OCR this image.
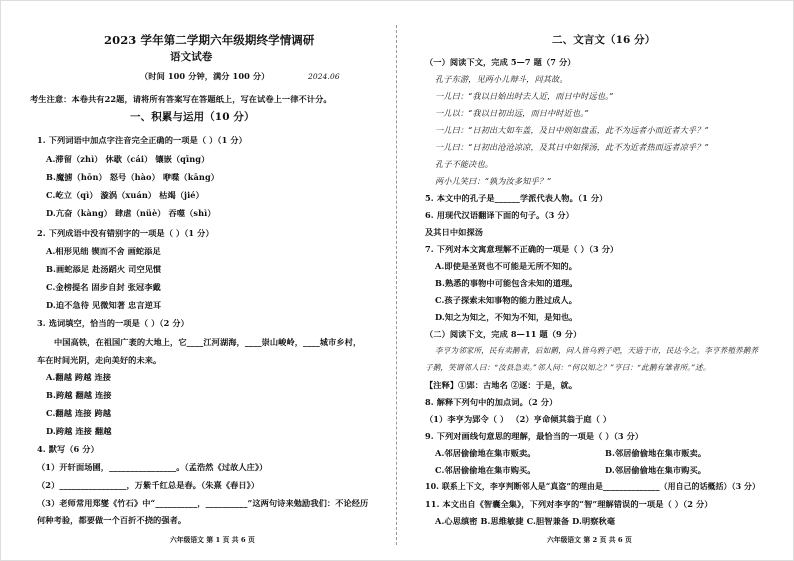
2023 学年第二学期六年级期终学情调研
语文试卷
（时间 100 分钟，满分 100 分）	2024.06
考生注意：本卷共有22题，请将所有答案写在答题纸上，写在试卷上一律不计分。
一、积累与运用（10 分）
1. 下列词语中加点字注音完全正确的一项是（ ）（1 分）
A.滞留（zhì） 休歇（cái） 镶嵌（qīng）
B.魔掳（hōn） 怒号（hào） 咿喋（kāng）
C.屹立（qì） 漩涡（xuán） 枯竭（jié）
D.亢奋（kàng） 肆虐（nüè） 吞噬（shì）
2. 下列成语中没有错别字的一项是（ ）（1 分）
A.相形见绌 锲而不舍 画蛇添足
B.画蛇添足 赴汤蹈火 司空见惯
C.金榜提名 固步自封 张冠李戴
D.迫不急待 见微知著 忠言逆耳
3. 选词填空，恰当的一项是（ ）（2 分）
中国高铁，在祖国广袤的大地上，它____江河湖海，____崇山峻岭，____城市乡村，
车在时间光阴，走向美好的未来。
A.翻越 跨越 连接
B.跨越 翻越 连接
C.翻越 连接 跨越
D.跨越 连接 翻越
4. 默写（6 分）
（1）开轩面场圃，________________。（孟浩然《过故人庄》）
（2）________________，万紫千红总是春。（朱熹《春日》）
（3）老师常用郑燮《竹石》中“__________，__________”这两句诗来勉励我们：不论经历
何种考验，都要做一个百折不挠的强者。
六年级语文 第 1 页 共 6 页
二、文言文（16 分）
（一）阅读下文，完成 5—7 题（7 分）
孔子东游，见两小儿辩斗，问其故。
一儿曰：“我以日始出时去人近，而日中时远也。”
一儿以：“我以日初出远，而日中时近也。”
一儿曰：“日初出大如车盖，及日中则如盘盂，此不为远者小而近者大乎？”
一儿曰：“日初出沧沧凉凉，及其日中如探汤，此不为近者热而远者凉乎？”
孔子不能决也。
两小儿笑曰：“孰为汝多知乎？”
5. 本文中的孔子是______学派代表人物。（1 分）
6. 用现代汉语翻译下面的句子。（3 分）
及其日中如探汤
7. 下列对本文寓意理解不正确的一项是（ ）（3 分）
A.即使是圣贤也不可能是无所不知的。
B.熟悉的事物中可能包含未知的道理。
C.孩子探索未知事物的能力胜过成人。
D.知之为知之，不知为不知，是知也。
（二）阅读下文，完成 8—11 题（9 分）
李亨为邻家所，民有卖鹅者，后如鹅，问人皆乌鸦子吧，天造于市，民达今之。李亨养殖养鹅养
子鹅，笑谓邻人曰：“汝县急卖。”邻人问：“何以知之？”亨曰：“此鹅有雏者所。”述。
【注释】①郢：古地名 ②逐：于是，就。
8. 解释下列句中的加点词。（2 分）
（1）李亨为郢令（ ） （2）亨命倾其翁于庭（ ）
9. 下列对画线句意思的理解，最恰当的一项是（ ）（3 分）
A.邻居偷偷地在集市贩卖。	B.邻居偷偷地在集市贩卖。
C.邻居偷偷地在集市购买。	D.邻居偷偷地在集市购买。
10. 联系上下文，李亨判断邻人是“真盗”的理由是______________（用自己的话概括）（3 分）
11. 本文出自《智囊全集》，下列对李亨的“智”理解错误的一项是（ ）（2 分）
A.心思缜密 B.思维敏捷 C.胆智兼备 D.明察秋毫
六年级语文 第 2 页 共 6 页
